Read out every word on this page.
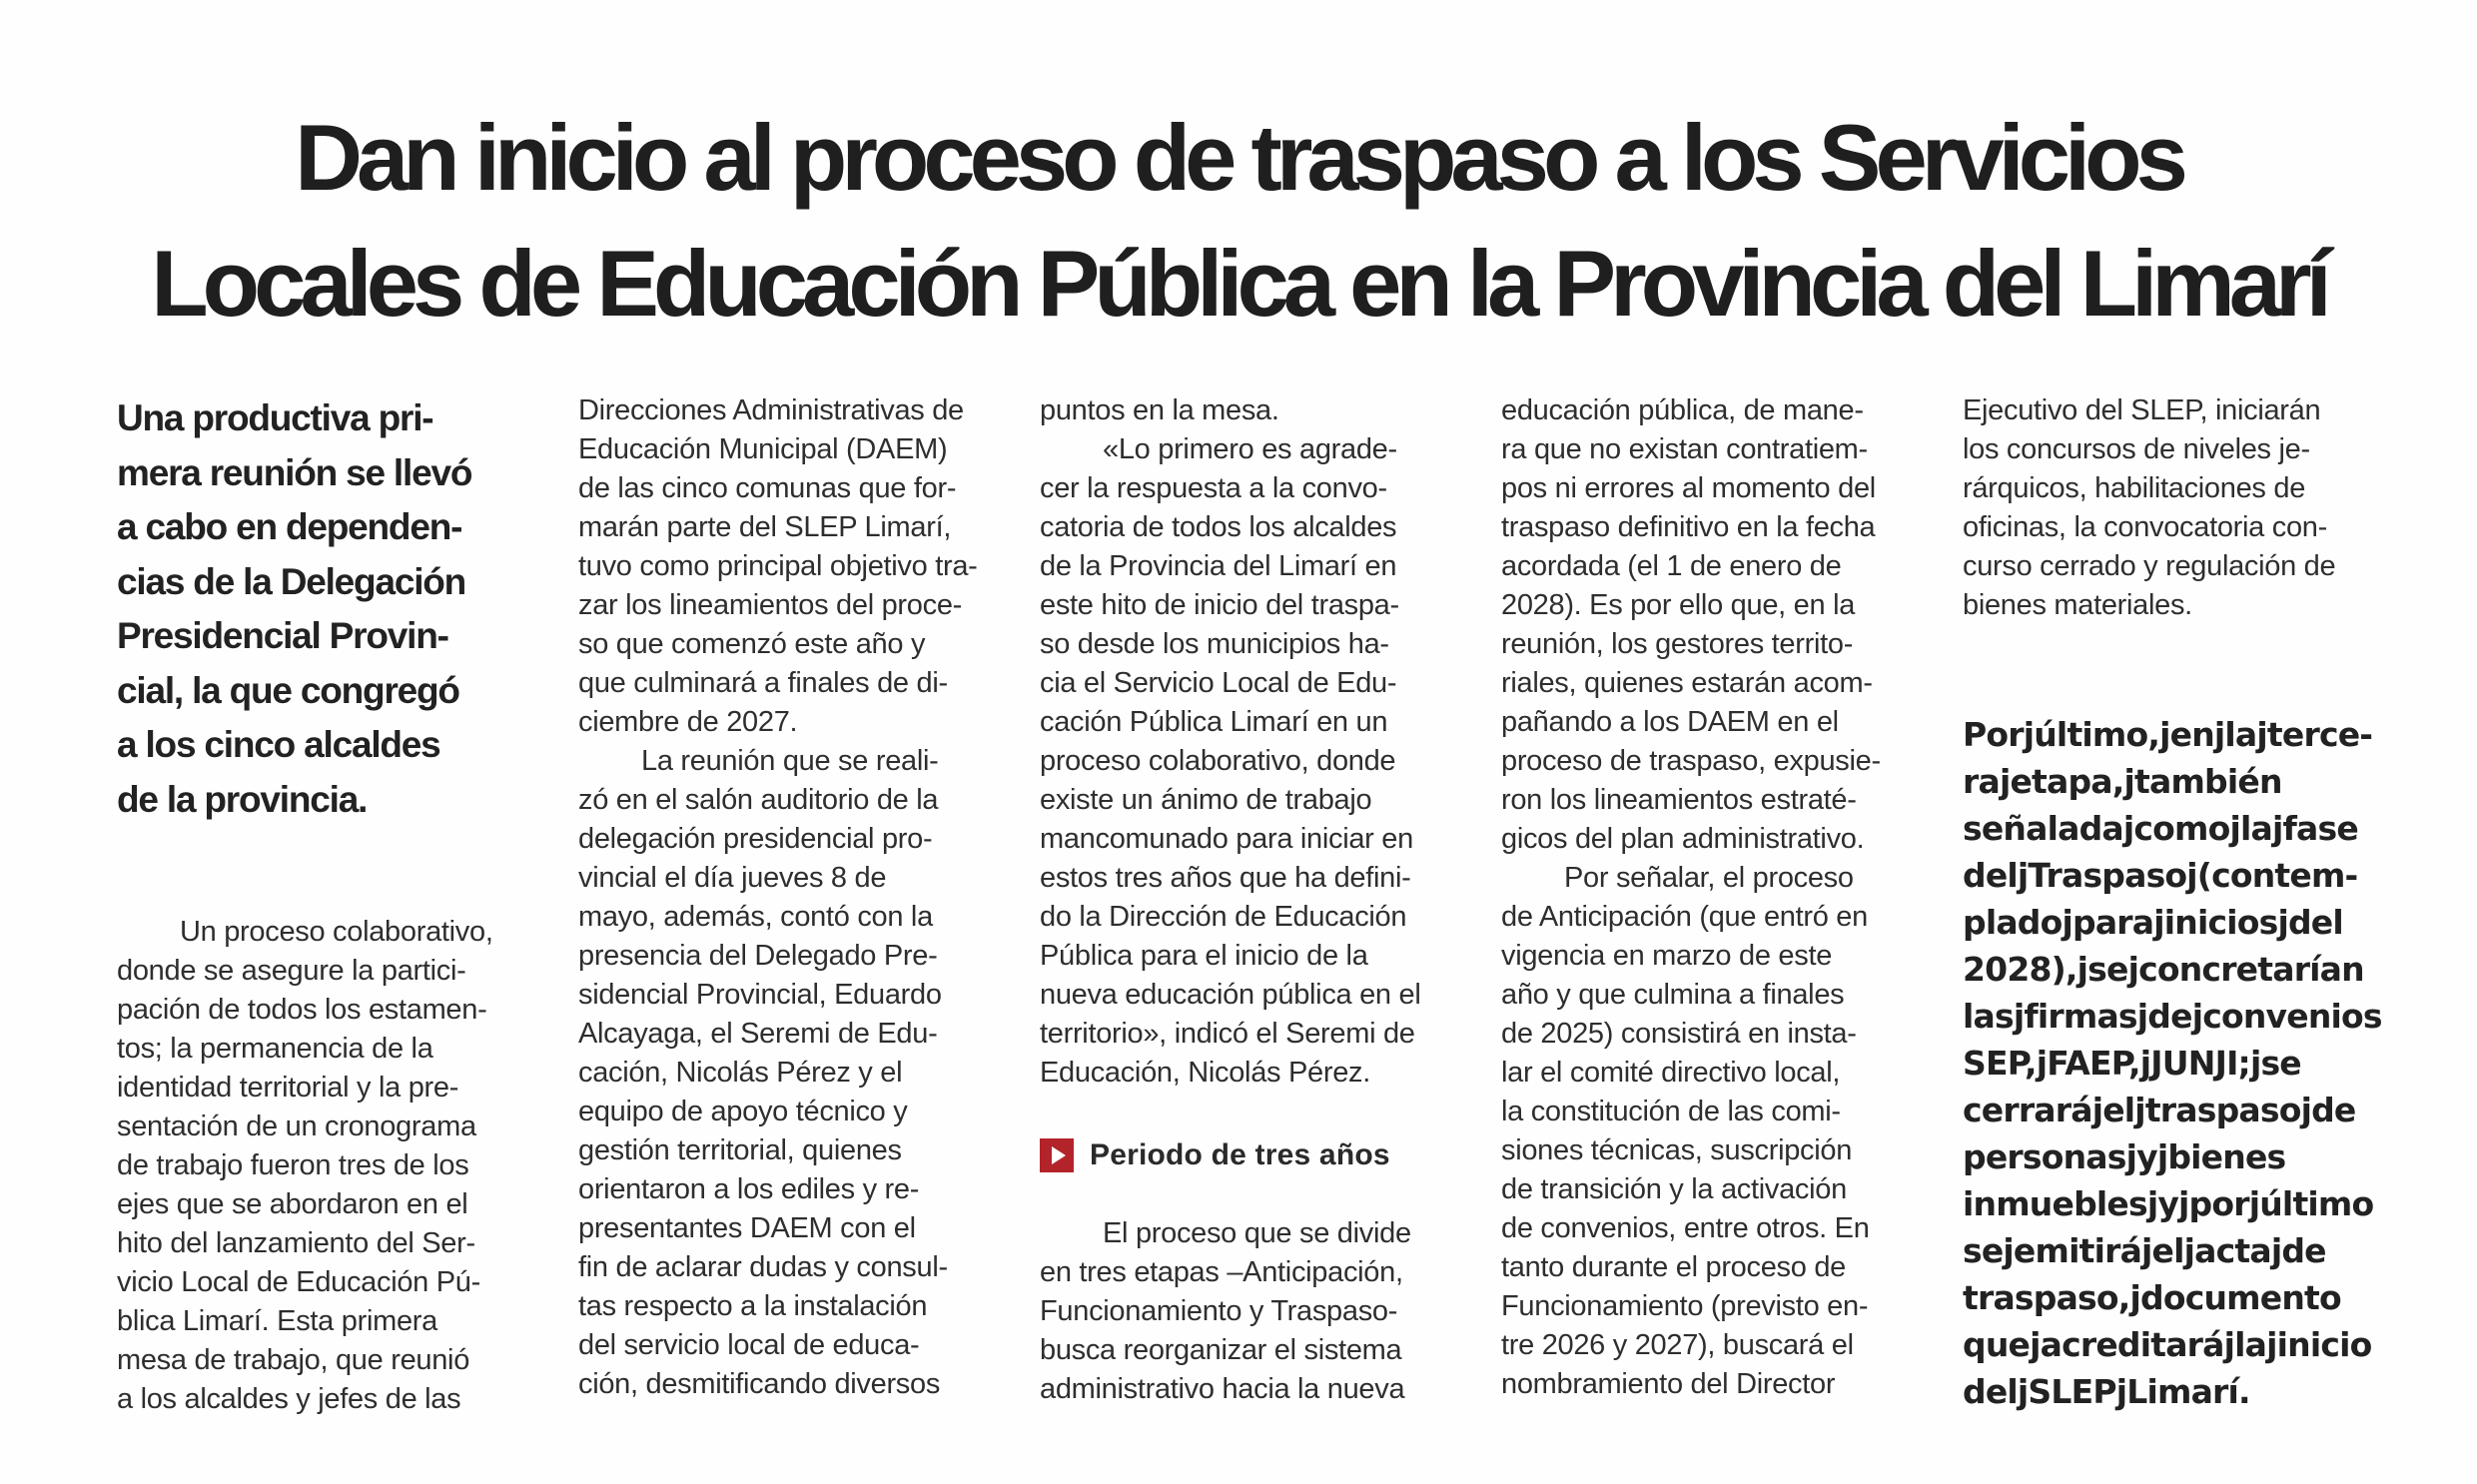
Dan inicio al proceso de traspaso a los Servicios
Locales de Educación Pública en la Provincia del Limarí
Una productiva pri-
mera reunión se llevó
a cabo en dependen-
cias de la Delegación
Presidencial Provin-
cial, la que congregó
a los cinco alcaldes
de la provincia.
Un proceso colaborativo,
donde se asegure la partici-
pación de todos los estamen-
tos; la permanencia de la
identidad territorial y la pre-
sentación de un cronograma
de trabajo fueron tres de los
ejes que se abordaron en el
hito del lanzamiento del Ser-
vicio Local de Educación Pú-
blica Limarí. Esta primera
mesa de trabajo, que reunió
a los alcaldes y jefes de las
Direcciones Administrativas de
Educación Municipal (DAEM)
de las cinco comunas que for-
marán parte del SLEP Limarí,
tuvo como principal objetivo tra-
zar los lineamientos del proce-
so que comenzó este año y
que culminará a finales de di-
ciembre de 2027.
La reunión que se reali-
zó en el salón auditorio de la
delegación presidencial pro-
vincial el día jueves 8 de
mayo, además, contó con la
presencia del Delegado Pre-
sidencial Provincial, Eduardo
Alcayaga, el Seremi de Edu-
cación, Nicolás Pérez y el
equipo de apoyo técnico y
gestión territorial, quienes
orientaron a los ediles y re-
presentantes DAEM con el
fin de aclarar dudas y consul-
tas respecto a la instalación
del servicio local de educa-
ción, desmitificando diversos
puntos en la mesa.
«Lo primero es agrade-
cer la respuesta a la convo-
catoria de todos los alcaldes
de la Provincia del Limarí en
este hito de inicio del traspa-
so desde los municipios ha-
cia el Servicio Local de Edu-
cación Pública Limarí en un
proceso colaborativo, donde
existe un ánimo de trabajo
mancomunado para iniciar en
estos tres años que ha defini-
do la Dirección de Educación
Pública para el inicio de la
nueva educación pública en el
territorio», indicó el Seremi de
Educación, Nicolás Pérez.
Periodo de tres años
El proceso que se divide
en tres etapas –Anticipación,
Funcionamiento y Traspaso-
busca reorganizar el sistema
administrativo hacia la nueva
educación pública, de mane-
ra que no existan contratiem-
pos ni errores al momento del
traspaso definitivo en la fecha
acordada (el 1 de enero de
2028). Es por ello que, en la
reunión, los gestores territo-
riales, quienes estarán acom-
pañando a los DAEM en el
proceso de traspaso, expusie-
ron los lineamientos estraté-
gicos del plan administrativo.
Por señalar, el proceso
de Anticipación (que entró en
vigencia en marzo de este
año y que culmina a finales
de 2025) consistirá en insta-
lar el comité directivo local,
la constitución de las comi-
siones técnicas, suscripción
de transición y la activación
de convenios, entre otros. En
tanto durante el proceso de
Funcionamiento (previsto en-
tre 2026 y 2027), buscará el
nombramiento del Director
Ejecutivo del SLEP, iniciarán
los concursos de niveles je-
rárquicos, habilitaciones de
oficinas, la convocatoria con-
curso cerrado y regulación de
bienes materiales.
Porjúltimo,jenjlajterce-
rajetapa,jtambién
señaladajcomojlajfase
deljTraspasoj(contem-
pladojparajiniciosjdel
2028),jsejconcretarían
lasjfirmasjdejconvenios
SEP,jFAEP,jJUNJI;jse
cerrarájeljtraspasojde
personasjyjbienes
inmueblesjyjporjúltimo
sejemitirájeljactajde
traspaso,jdocumento
quejacreditarájlajinicio
deljSLEPjLimarí.
